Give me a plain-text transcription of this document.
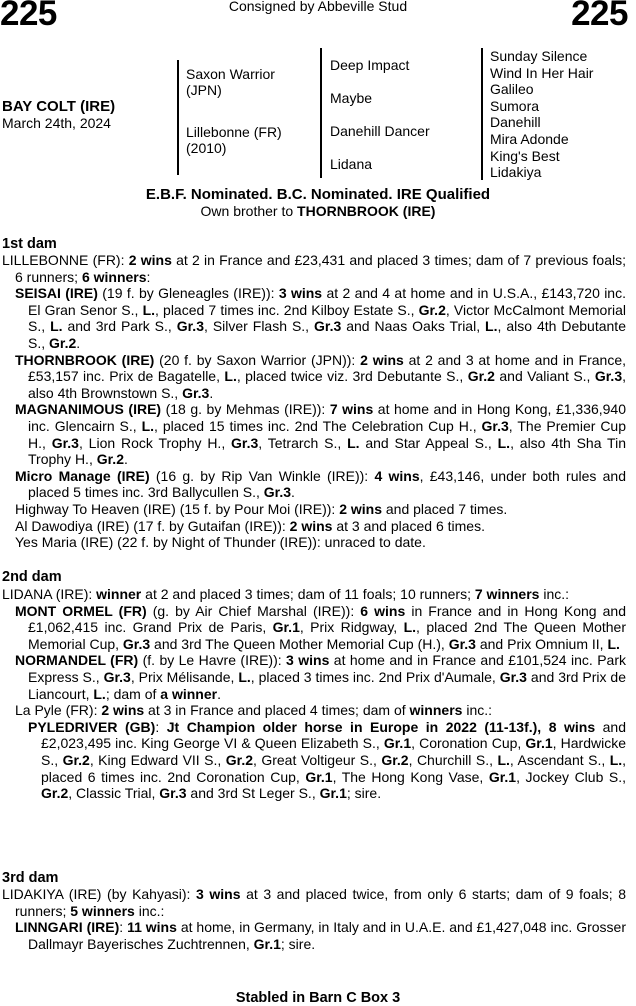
225	Consigned by Abbeville Stud	225
BAY COLT (IRE)
March 24th, 2024
Saxon Warrior
(JPN)
Lillebonne (FR)
(2010)
Deep Impact
Maybe
Danehill Dancer
Lidana
Sunday Silence
Wind In Her Hair
Galileo
Sumora
Danehill
Mira Adonde
King's Best
Lidakiya
E.B.F. Nominated. B.C. Nominated. IRE Qualified
Own brother to THORNBROOK (IRE)
1st dam
LILLEBONNE (FR): 2 wins at 2 in France and £23,431 and placed 3 times; dam of 7 previous foals; 6 runners; 6 winners:
SEISAI (IRE) (19 f. by Gleneagles (IRE)): 3 wins at 2 and 4 at home and in U.S.A., £143,720 inc. El Gran Senor S., L., placed 7 times inc. 2nd Kilboy Estate S., Gr.2, Victor McCalmont Memorial S., L. and 3rd Park S., Gr.3, Silver Flash S., Gr.3 and Naas Oaks Trial, L., also 4th Debutante S., Gr.2.
THORNBROOK (IRE) (20 f. by Saxon Warrior (JPN)): 2 wins at 2 and 3 at home and in France, £53,157 inc. Prix de Bagatelle, L., placed twice viz. 3rd Debutante S., Gr.2 and Valiant S., Gr.3, also 4th Brownstown S., Gr.3.
MAGNANIMOUS (IRE) (18 g. by Mehmas (IRE)): 7 wins at home and in Hong Kong, £1,336,940 inc. Glencairn S., L., placed 15 times inc. 2nd The Celebration Cup H., Gr.3, The Premier Cup H., Gr.3, Lion Rock Trophy H., Gr.3, Tetrarch S., L. and Star Appeal S., L., also 4th Sha Tin Trophy H., Gr.2.
Micro Manage (IRE) (16 g. by Rip Van Winkle (IRE)): 4 wins, £43,146, under both rules and placed 5 times inc. 3rd Ballycullen S., Gr.3.
Highway To Heaven (IRE) (15 f. by Pour Moi (IRE)): 2 wins and placed 7 times.
Al Dawodiya (IRE) (17 f. by Gutaifan (IRE)): 2 wins at 3 and placed 6 times.
Yes Maria (IRE) (22 f. by Night of Thunder (IRE)): unraced to date.
2nd dam
LIDANA (IRE): winner at 2 and placed 3 times; dam of 11 foals; 10 runners; 7 winners inc.:
MONT ORMEL (FR) (g. by Air Chief Marshal (IRE)): 6 wins in France and in Hong Kong and £1,062,415 inc. Grand Prix de Paris, Gr.1, Prix Ridgway, L., placed 2nd The Queen Mother Memorial Cup, Gr.3 and 3rd The Queen Mother Memorial Cup (H.), Gr.3 and Prix Omnium II, L.
NORMANDEL (FR) (f. by Le Havre (IRE)): 3 wins at home and in France and £101,524 inc. Park Express S., Gr.3, Prix Mélisande, L., placed 3 times inc. 2nd Prix d'Aumale, Gr.3 and 3rd Prix de Liancourt, L.; dam of a winner.
La Pyle (FR): 2 wins at 3 in France and placed 4 times; dam of winners inc.:
PYLEDRIVER (GB): Jt Champion older horse in Europe in 2022 (11-13f.), 8 wins and £2,023,495 inc. King George VI & Queen Elizabeth S., Gr.1, Coronation Cup, Gr.1, Hardwicke S., Gr.2, King Edward VII S., Gr.2, Great Voltigeur S., Gr.2, Churchill S., L., Ascendant S., L., placed 6 times inc. 2nd Coronation Cup, Gr.1, The Hong Kong Vase, Gr.1, Jockey Club S., Gr.2, Classic Trial, Gr.3 and 3rd St Leger S., Gr.1; sire.
3rd dam
LIDAKIYA (IRE) (by Kahyasi): 3 wins at 3 and placed twice, from only 6 starts; dam of 9 foals; 8 runners; 5 winners inc.:
LINNGARI (IRE): 11 wins at home, in Germany, in Italy and in U.A.E. and £1,427,048 inc. Grosser Dallmayr Bayerisches Zuchtrennen, Gr.1; sire.
Stabled in Barn C Box 3
